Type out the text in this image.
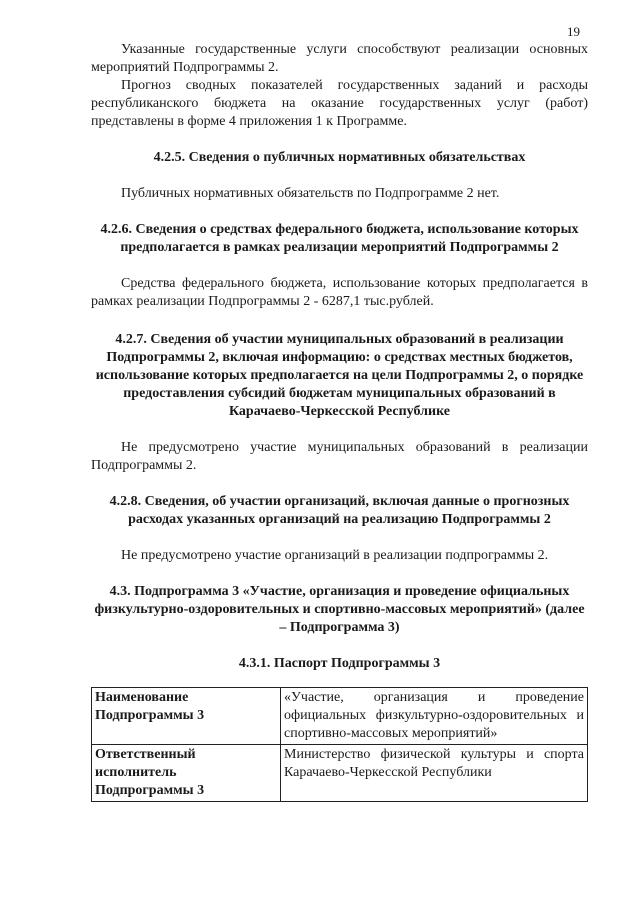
19

Указанные государственные услуги способствуют реализации основных мероприятий Подпрограммы 2.

Прогноз сводных показателей государственных заданий и расходы республиканского бюджета на оказание государственных услуг (работ) представлены в форме 4 приложения 1 к Программе.

4.2.5. Сведения о публичных нормативных обязательствах

Публичных нормативных обязательств по Подпрограмме 2 нет.

4.2.6. Сведения о средствах федерального бюджета, использование которых предполагается в рамках реализации мероприятий Подпрограммы 2

Средства федерального бюджета, использование которых предполагается в рамках реализации Подпрограммы 2 - 6287,1 тыс.рублей.

4.2.7. Сведения об участии муниципальных образований в реализации Подпрограммы 2, включая информацию: о средствах местных бюджетов, использование которых предполагается на цели Подпрограммы 2, о порядке предоставления субсидий бюджетам муниципальных образований в Карачаево-Черкесской Республике

Не предусмотрено участие муниципальных образований в реализации Подпрограммы 2.

4.2.8. Сведения, об участии организаций, включая данные о прогнозных расходах указанных организаций на реализацию Подпрограммы 2

Не предусмотрено участие организаций в реализации подпрограммы 2.

4.3. Подпрограмма 3 «Участие, организация и проведение официальных физкультурно-оздоровительных и спортивно-массовых мероприятий» (далее – Подпрограмма 3)
4.3.1. Паспорт Подпрограммы 3
Наименование Подпрограммы 3	«Участие, организация и проведение официальных физкультурно-оздоровительных и спортивно-массовых мероприятий»
Ответственный исполнитель Подпрограммы 3	Министерство физической культуры и спорта Карачаево-Черкесской Республики
